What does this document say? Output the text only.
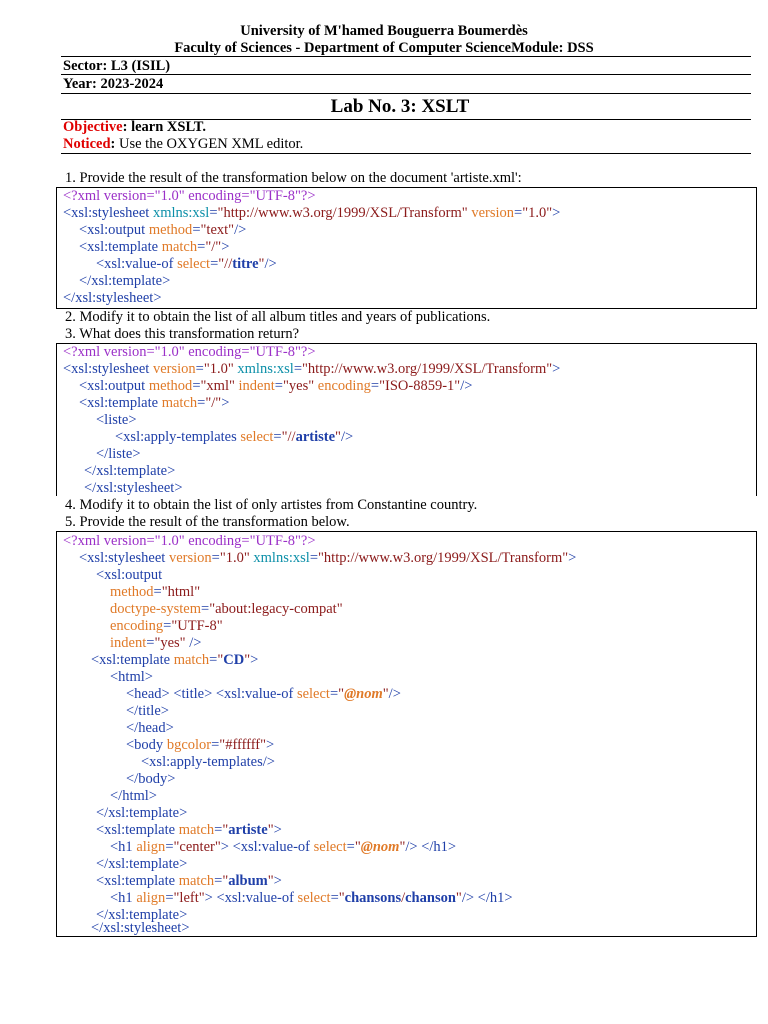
University of M'hamed Bouguerra Boumerdès
Faculty of Sciences - Department of Computer ScienceModule: DSS
Sector: L3 (ISIL)
Year: 2023-2024
Lab No. 3: XSLT
Objective: learn XSLT.
Noticed: Use the OXYGEN XML editor.
1. Provide the result of the transformation below on the document 'artiste.xml':
<?xml version="1.0" encoding="UTF-8"?>
<xsl:stylesheet xmlns:xsl="http://www.w3.org/1999/XSL/Transform" version="1.0">
<xsl:output method="text"/>
<xsl:template match="/">
<xsl:value-of select="//titre"/>
</xsl:template>
</xsl:stylesheet>
2. Modify it to obtain the list of all album titles and years of publications.
3. What does this transformation return?
<?xml version="1.0" encoding="UTF-8"?>
<xsl:stylesheet version="1.0" xmlns:xsl="http://www.w3.org/1999/XSL/Transform">
<xsl:output method="xml" indent="yes" encoding="ISO-8859-1"/>
<xsl:template match="/">
<liste>
<xsl:apply-templates select="//artiste"/>
</liste>
</xsl:template>
</xsl:stylesheet>
4. Modify it to obtain the list of only artistes from Constantine country.
5. Provide the result of the transformation below.
<?xml version="1.0" encoding="UTF-8"?>
<xsl:stylesheet version="1.0" xmlns:xsl="http://www.w3.org/1999/XSL/Transform">
<xsl:output
method="html"
doctype-system="about:legacy-compat"
encoding="UTF-8"
indent="yes" />
<xsl:template match="CD">
<html>
<head> <title> <xsl:value-of select="@nom"/>
</title>
</head>
<body bgcolor="#ffffff">
<xsl:apply-templates/>
</body>
</html>
</xsl:template>
<xsl:template match="artiste">
<h1 align="center"> <xsl:value-of select="@nom"/> </h1>
</xsl:template>
<xsl:template match="album">
<h1 align="left"> <xsl:value-of select="chansons/chanson"/> </h1>
</xsl:template>
</xsl:stylesheet>
